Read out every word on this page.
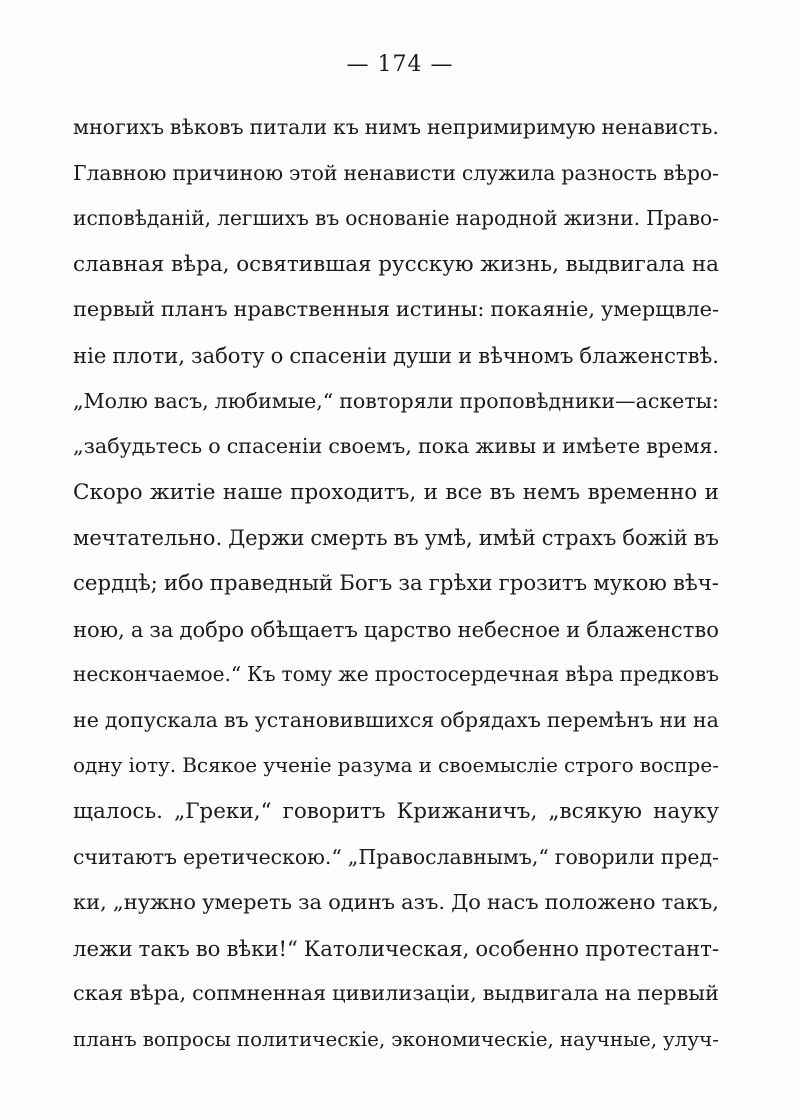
— 174 —
многихъ вѣковъ питали къ нимъ непримиримую ненависть.
Главною причиною этой ненависти служила разность вѣро-
исповѣданій, легшихъ въ основаніе народной жизни. Право-
славная вѣра, освятившая русскую жизнь, выдвигала на
первый планъ нравственныя истины: покаяніе, умерщвле-
ніе плоти, заботу о спасеніи души и вѣчномъ блаженствѣ.
„Молю васъ, любимые,“ повторяли проповѣдники—аскеты:
„забудьтесь о спасеніи своемъ, пока живы и имѣете время.
Скоро житіе наше проходитъ, и все въ немъ временно и
мечтательно. Держи смерть въ умѣ, имѣй страхъ божій въ
сердцѣ; ибо праведный Богъ за грѣхи грозитъ мукою вѣч-
ною, а за добро обѣщаетъ царство небесное и блаженство
нескончаемое.“ Къ тому же простосердечная вѣра предковъ
не допускала въ установившихся обрядахъ перемѣнъ ни на
одну іоту. Всякое ученіе разума и своемысліе строго воспре-
щалось. „Греки,“ говоритъ Крижаничъ, „всякую науку
считаютъ еретическою.“ „Православнымъ,“ говорили пред-
ки, „нужно умереть за одинъ азъ. До насъ положено такъ,
лежи такъ во вѣки!“ Католическая, особенно протестант-
ская вѣра, сопмненная цивилизаціи, выдвигала на первый
планъ вопросы политическіе, экономическіе, научные, улуч-
